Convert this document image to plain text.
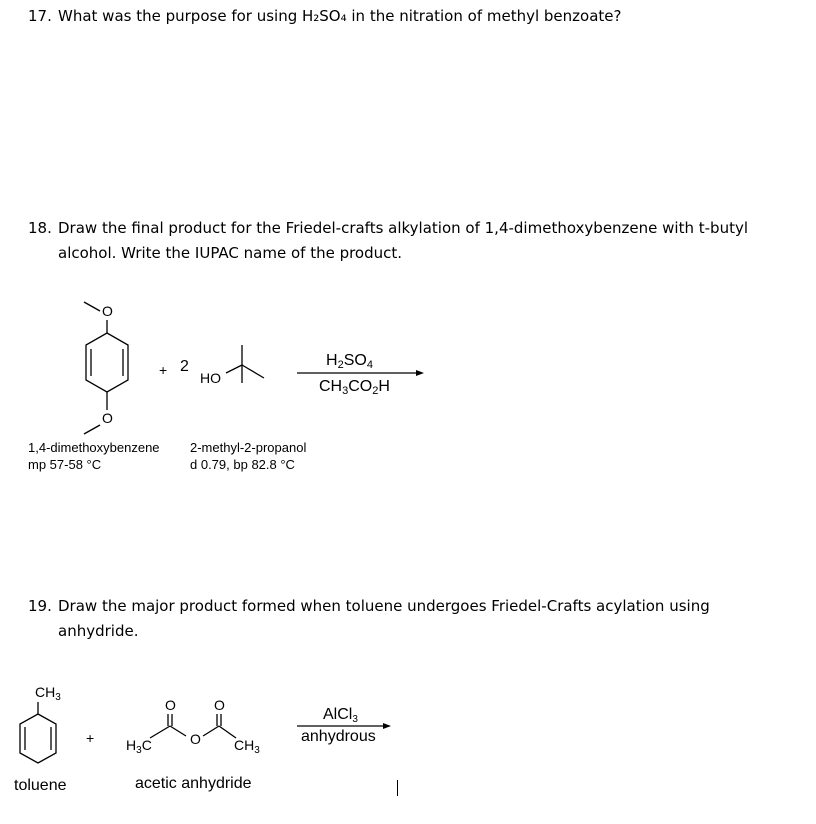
17. What was the purpose for using H₂SO₄ in the nitration of methyl benzoate?
18. Draw the final product for the Friedel-crafts alkylation of 1,4-dimethoxybenzene with t-butyl
alcohol. Write the IUPAC name of the product.
19. Draw the major product formed when toluene undergoes Friedel-Crafts acylation using
anhydride.
O
O
+ 2
HO
$H_2SO_4$
$CH_3CO_2H$
1,4-dimethoxybenzene
mp 57-58 °C
2-methyl-2-propanol
d 0.79, bp 82.8 °C
$CH_3$
+ $H_3C$	O
O	O
$CH_3$
AlCl$_3$
anhydrous
toluene	acetic anhydride
